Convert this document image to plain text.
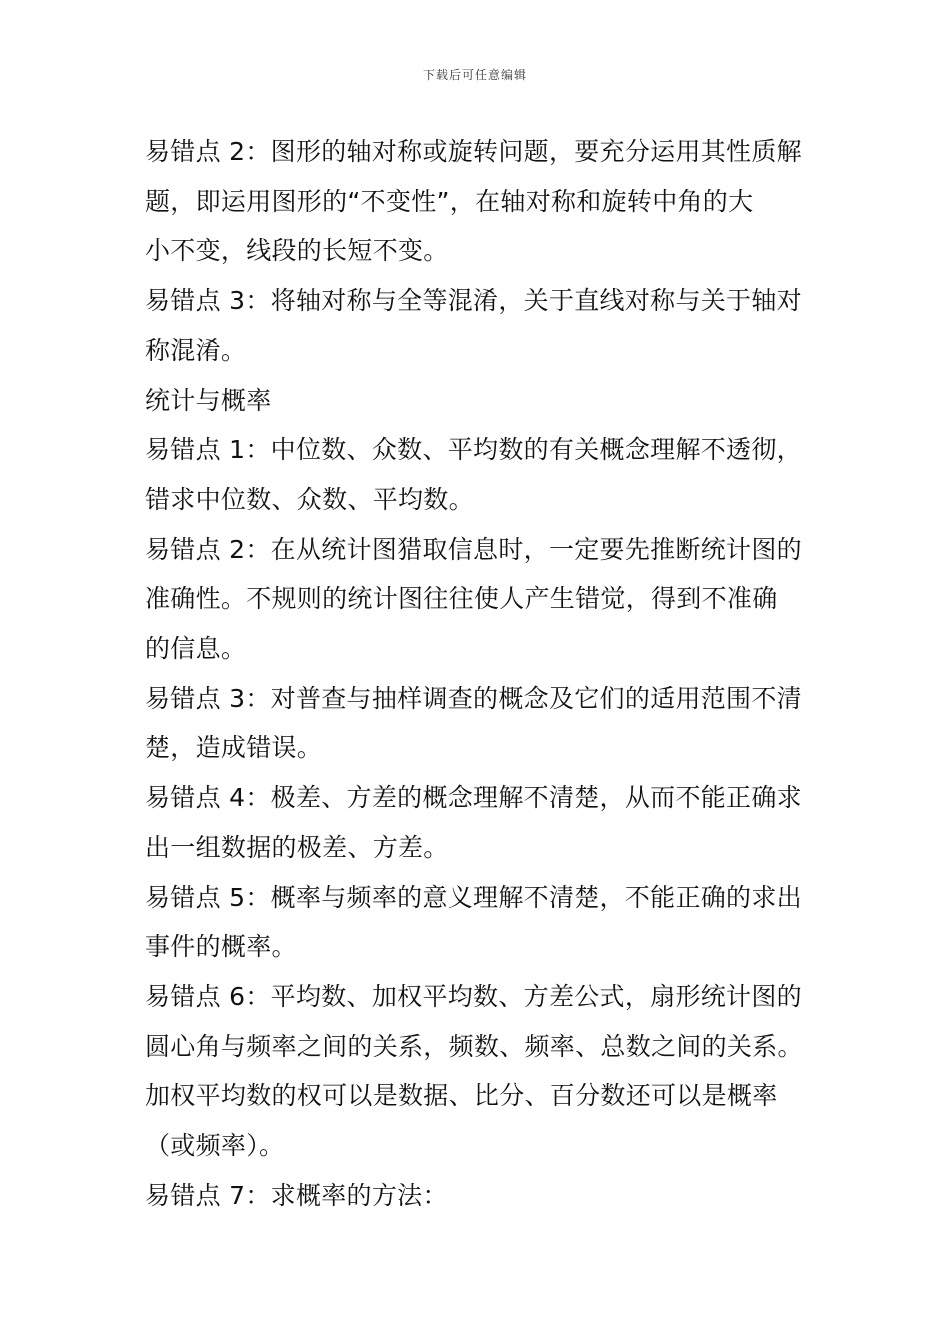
下载后可任意编辑

易错点 2：图形的轴对称或旋转问题，要充分运用其性质解
题，即运用图形的“不变性”，在轴对称和旋转中角的大
小不变，线段的长短不变。

易错点 3：将轴对称与全等混淆，关于直线对称与关于轴对
称混淆。

统计与概率

易错点 1：中位数、众数、平均数的有关概念理解不透彻，
错求中位数、众数、平均数。

易错点 2：在从统计图猎取信息时，一定要先推断统计图的
准确性。不规则的统计图往往使人产生错觉，得到不准确
的信息。

易错点 3：对普查与抽样调查的概念及它们的适用范围不清
楚，造成错误。

易错点 4：极差、方差的概念理解不清楚，从而不能正确求
出一组数据的极差、方差。

易错点 5：概率与频率的意义理解不清楚，不能正确的求出
事件的概率。

易错点 6：平均数、加权平均数、方差公式，扇形统计图的
圆心角与频率之间的关系，频数、频率、总数之间的关系。
加权平均数的权可以是数据、比分、百分数还可以是概率
（或频率）。

易错点 7：求概率的方法：
